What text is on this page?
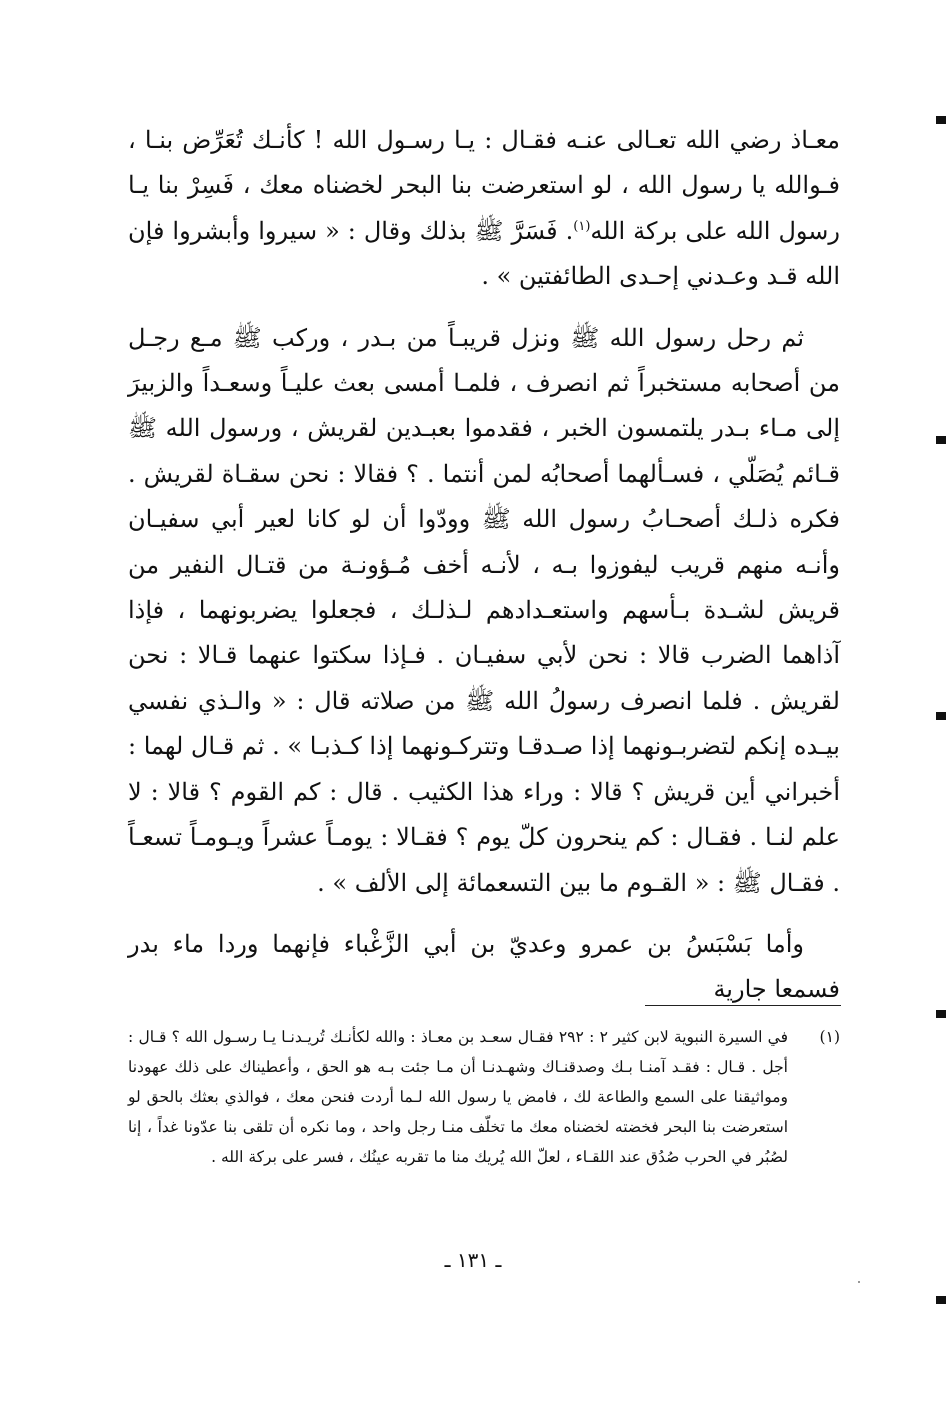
معـاذ رضي الله تعـالى عنـه فقـال : يـا رسـول الله ! كأنـك تُعَرِّض بنـا ، فـوالله يا رسول الله ، لو استعرضت بنا البحر لخضناه معك ، فَسِرْ بنا يـا رسول الله على بركة الله$^{(١)}$. فَسَرَّ ﷺ بذلك وقال : « سيروا وأبشروا فإن الله قـد وعـدني إحـدى الطائفتين » .

ثم رحل رسول الله ﷺ ونزل قريبـاً من بـدر ، وركب ﷺ مـع رجـل من أصحابه مستخبراً ثم انصرف ، فلمـا أمسى بعث عليـاً وسعـداً والزبيرَ إلى مـاء بـدر يلتمسون الخبر ، فقدموا بعبـدين لقريش ، ورسول الله ﷺ قـائم يُصَلّي ، فسـألهما أصحابُه لمن أنتما . ؟ فقالا : نحن سقـاة لقريش . فكره ذلـك أصحـابُ رسول الله ﷺ وودّوا أن لو كانا لعير أبي سفيـان وأنـه منهم قريب ليفوزوا بـه ، لأنـه أخف مُـؤونـة من قتـال النفير من قريش لشـدة بـأسهم واستعـدادهم لـذلـك ، فجعلوا يضربونهما ، فإذا آذاهما الضرب قالا : نحن لأبي سفيـان . فـإذا سكتوا عنهما قـالا : نحن لقريش . فلما انصرف رسولُ الله ﷺ من صلاته قال : « والـذي نفسي بيـده إنكم لتضربـونهما إذا صـدقـا وتتركـونهما إذا كـذبـا » . ثم قـال لهما : أخبراني أين قريش ؟ قالا : وراء هذا الكثيب . قال : كم القوم ؟ قالا : لا علم لنـا . فقـال : كم ينحرون كلّ يوم ؟ فقـالا : يومـاً عشراً ويـومـاً تسعـاً . فقـال ﷺ : « القـوم ما بين التسعمائة إلى الألف » .

وأما بَسْبَسُ بن عمرو وعديّ بن أبي الزَّغْباء فإنهما وردا ماء بدر فسمعا جارية

(١)
في السيرة النبوية لابن كثير ٢ : ٢٩٢ فقـال سعـد بن معـاذ : والله لكأنـك تُريـدنـا يـا رسـول الله ؟ قـال : أجل . قـال : فقـد آمنـا بـك وصدقنـاك وشهـدنـا أن مـا جئت بـه هو الحق ، وأعطيناك على ذلك عهودنا ومواثيقنا على السمع والطاعة لك ، فامض يا رسول الله لـما أردت فنحن معك ، فوالذي بعثك بالحق لو استعرضت بنا البحر فخضته لخضناه معك ما تخلّف منـا رجل واحد ، وما نكره أن تلقى بنا عدّونا غداً ، إنا لصُبُر في الحرب صُدُق عند اللقـاء ، لعلّ الله يُريك منا ما تقربه عينُك ، فسر على بركة الله .
ـ ١٣١ ـ
